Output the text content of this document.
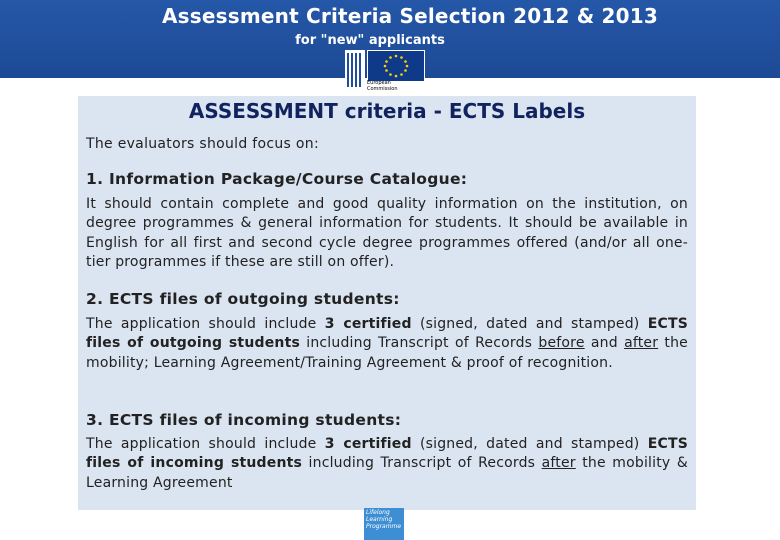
Assessment Criteria Selection 2012 & 2013
for "new" applicants
European
Commission
ASSESSMENT criteria - ECTS Labels
The evaluators should focus on:
1. Information Package/Course Catalogue:
It should contain complete and good quality information on the institution, on degree programmes & general information for students. It should be available in English for all first and second cycle degree programmes offered (and/or all one-tier programmes if these are still on offer).
2. ECTS files of outgoing students:
The application should include 3 certified (signed, dated and stamped) ECTS files of outgoing students including Transcript of Records before and after the mobility; Learning Agreement/Training Agreement & proof of recognition.
3. ECTS files of incoming students:
The application should include 3 certified (signed, dated and stamped) ECTS files of incoming students including Transcript of Records after the mobility & Learning Agreement
Lifelong
Learning
Programme
